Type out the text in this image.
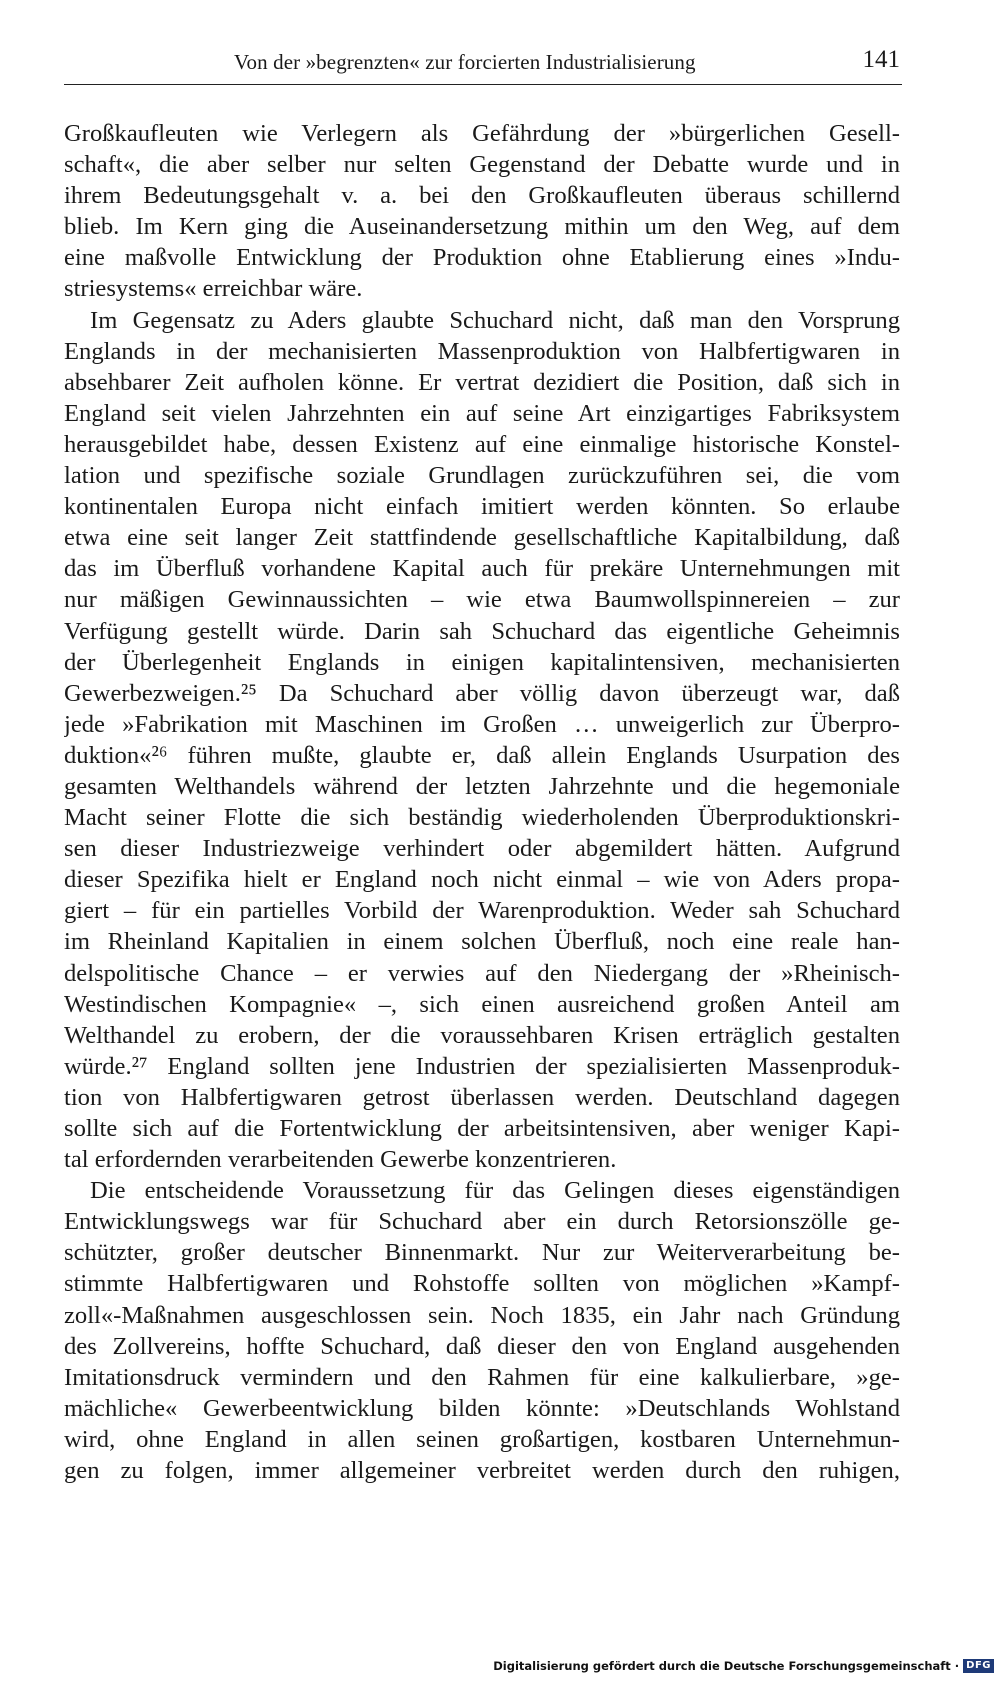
Von der »begrenzten« zur forcierten Industrialisierung	141
Großkaufleuten wie Verlegern als Gefährdung der »bürgerlichen Gesell-
schaft«, die aber selber nur selten Gegenstand der Debatte wurde und in
ihrem Bedeutungsgehalt v. a. bei den Großkaufleuten überaus schillernd
blieb. Im Kern ging die Auseinandersetzung mithin um den Weg, auf dem
eine maßvolle Entwicklung der Produktion ohne Etablierung eines »Indu-
striesystems« erreichbar wäre.
Im Gegensatz zu Aders glaubte Schuchard nicht, daß man den Vorsprung
Englands in der mechanisierten Massenproduktion von Halbfertigwaren in
absehbarer Zeit aufholen könne. Er vertrat dezidiert die Position, daß sich in
England seit vielen Jahrzehnten ein auf seine Art einzigartiges Fabriksystem
herausgebildet habe, dessen Existenz auf eine einmalige historische Konstel-
lation und spezifische soziale Grundlagen zurückzuführen sei, die vom
kontinentalen Europa nicht einfach imitiert werden könnten. So erlaube
etwa eine seit langer Zeit stattfindende gesellschaftliche Kapitalbildung, daß
das im Überfluß vorhandene Kapital auch für prekäre Unternehmungen mit
nur mäßigen Gewinnaussichten – wie etwa Baumwollspinnereien – zur
Verfügung gestellt würde. Darin sah Schuchard das eigentliche Geheimnis
der Überlegenheit Englands in einigen kapitalintensiven, mechanisierten
Gewerbezweigen.²⁵ Da Schuchard aber völlig davon überzeugt war, daß
jede »Fabrikation mit Maschinen im Großen … unweigerlich zur Überpro-
duktion«²⁶ führen mußte, glaubte er, daß allein Englands Usurpation des
gesamten Welthandels während der letzten Jahrzehnte und die hegemoniale
Macht seiner Flotte die sich beständig wiederholenden Überproduktionskri-
sen dieser Industriezweige verhindert oder abgemildert hätten. Aufgrund
dieser Spezifika hielt er England noch nicht einmal – wie von Aders propa-
giert – für ein partielles Vorbild der Warenproduktion. Weder sah Schuchard
im Rheinland Kapitalien in einem solchen Überfluß, noch eine reale han-
delspolitische Chance – er verwies auf den Niedergang der »Rheinisch-
Westindischen Kompagnie« –, sich einen ausreichend großen Anteil am
Welthandel zu erobern, der die voraussehbaren Krisen erträglich gestalten
würde.²⁷ England sollten jene Industrien der spezialisierten Massenproduk-
tion von Halbfertigwaren getrost überlassen werden. Deutschland dagegen
sollte sich auf die Fortentwicklung der arbeitsintensiven, aber weniger Kapi-
tal erfordernden verarbeitenden Gewerbe konzentrieren.
Die entscheidende Voraussetzung für das Gelingen dieses eigenständigen
Entwicklungswegs war für Schuchard aber ein durch Retorsionszölle ge-
schützter, großer deutscher Binnenmarkt. Nur zur Weiterverarbeitung be-
stimmte Halbfertigwaren und Rohstoffe sollten von möglichen »Kampf-
zoll«-Maßnahmen ausgeschlossen sein. Noch 1835, ein Jahr nach Gründung
des Zollvereins, hoffte Schuchard, daß dieser den von England ausgehenden
Imitationsdruck vermindern und den Rahmen für eine kalkulierbare, »ge-
mächliche« Gewerbeentwicklung bilden könnte: »Deutschlands Wohlstand
wird, ohne England in allen seinen großartigen, kostbaren Unternehmun-
gen zu folgen, immer allgemeiner verbreitet werden durch den ruhigen,
Digitalisierung gefördert durch die Deutsche Forschungsgemeinschaft · DFG
